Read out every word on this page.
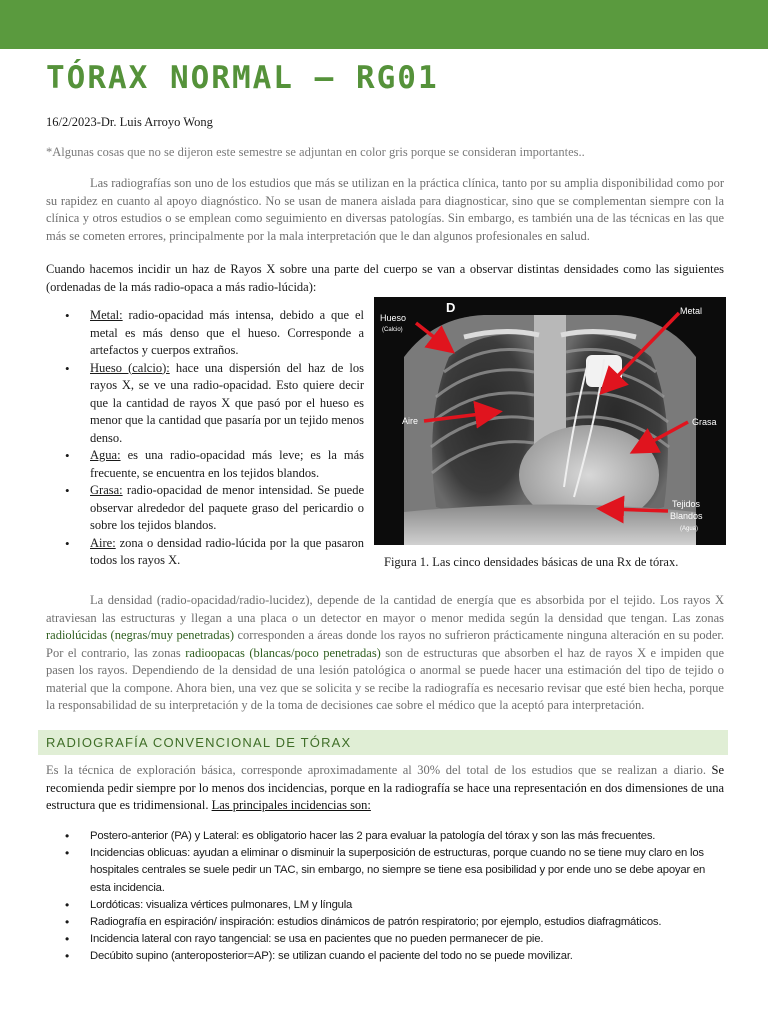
TÓRAX NORMAL – RG01
16/2/2023-Dr. Luis Arroyo Wong
*Algunas cosas que no se dijeron este semestre se adjuntan en color gris porque se consideran importantes..

Las radiografías son uno de los estudios que más se utilizan en la práctica clínica, tanto por su amplia disponibilidad como por su rapidez en cuanto al apoyo diagnóstico. No se usan de manera aislada para diagnosticar, sino que se complementan siempre con la clínica y otros estudios o se emplean como seguimiento en diversas patologías. Sin embargo, es también una de las técnicas en las que más se cometen errores, principalmente por la mala interpretación que le dan algunos profesionales en salud.

Cuando hacemos incidir un haz de Rayos X sobre una parte del cuerpo se van a observar distintas densidades como las siguientes (ordenadas de la más radio-opaca a más radio-lúcida):

• Metal: radio-opacidad más intensa, debido a que el metal es más denso que el hueso. Corresponde a artefactos y cuerpos extraños.
• Hueso (calcio): hace una dispersión del haz de los rayos X, se ve una radio-opacidad. Esto quiere decir que la cantidad de rayos X que pasó por el hueso es menor que la cantidad que pasaría por un tejido menos denso.
• Agua: es una radio-opacidad más leve; es la más frecuente, se encuentra en los tejidos blandos.
• Grasa: radio-opacidad de menor intensidad. Se puede observar alrededor del paquete graso del pericardio o sobre los tejidos blandos.
• Aire: zona o densidad radio-lúcida por la que pasaron todos los rayos X.
D
Hueso
(Calcio)
Metal
Aire	Grasa
Tejidos
Blandos
(Agua)
Figura 1. Las cinco densidades básicas de una Rx de tórax.

La densidad (radio-opacidad/radio-lucidez), depende de la cantidad de energía que es absorbida por el tejido. Los rayos X atraviesan las estructuras y llegan a una placa o un detector en mayor o menor medida según la densidad que tengan. Las zonas radiolúcidas (negras/muy penetradas) corresponden a áreas donde los rayos no sufrieron prácticamente ninguna alteración en su poder. Por el contrario, las zonas radioopacas (blancas/poco penetradas) son de estructuras que absorben el haz de rayos X e impiden que pasen los rayos. Dependiendo de la densidad de una lesión patológica o anormal se puede hacer una estimación del tipo de tejido o material que la compone. Ahora bien, una vez que se solicita y se recibe la radiografía es necesario revisar que esté bien hecha, porque la responsabilidad de su interpretación y de la toma de decisiones cae sobre el médico que la aceptó para interpretación.

RADIOGRAFÍA CONVENCIONAL DE TÓRAX

Es la técnica de exploración básica, corresponde aproximadamente al 30% del total de los estudios que se realizan a diario. Se recomienda pedir siempre por lo menos dos incidencias, porque en la radiografía se hace una representación en dos dimensiones de una estructura que es tridimensional. Las principales incidencias son:

• Postero-anterior (PA) y Lateral: es obligatorio hacer las 2 para evaluar la patología del tórax y son las más frecuentes.
• Incidencias oblicuas: ayudan a eliminar o disminuir la superposición de estructuras, porque cuando no se tiene muy claro en los hospitales centrales se suele pedir un TAC, sin embargo, no siempre se tiene esa posibilidad y por ende uno se debe apoyar en esta incidencia.
• Lordóticas: visualiza vértices pulmonares, LM y língula
• Radiografía en espiración/ inspiración: estudios dinámicos de patrón respiratorio; por ejemplo, estudios diafragmáticos.
• Incidencia lateral con rayo tangencial: se usa en pacientes que no pueden permanecer de pie.
• Decúbito supino (anteroposterior=AP): se utilizan cuando el paciente del todo no se puede movilizar.
